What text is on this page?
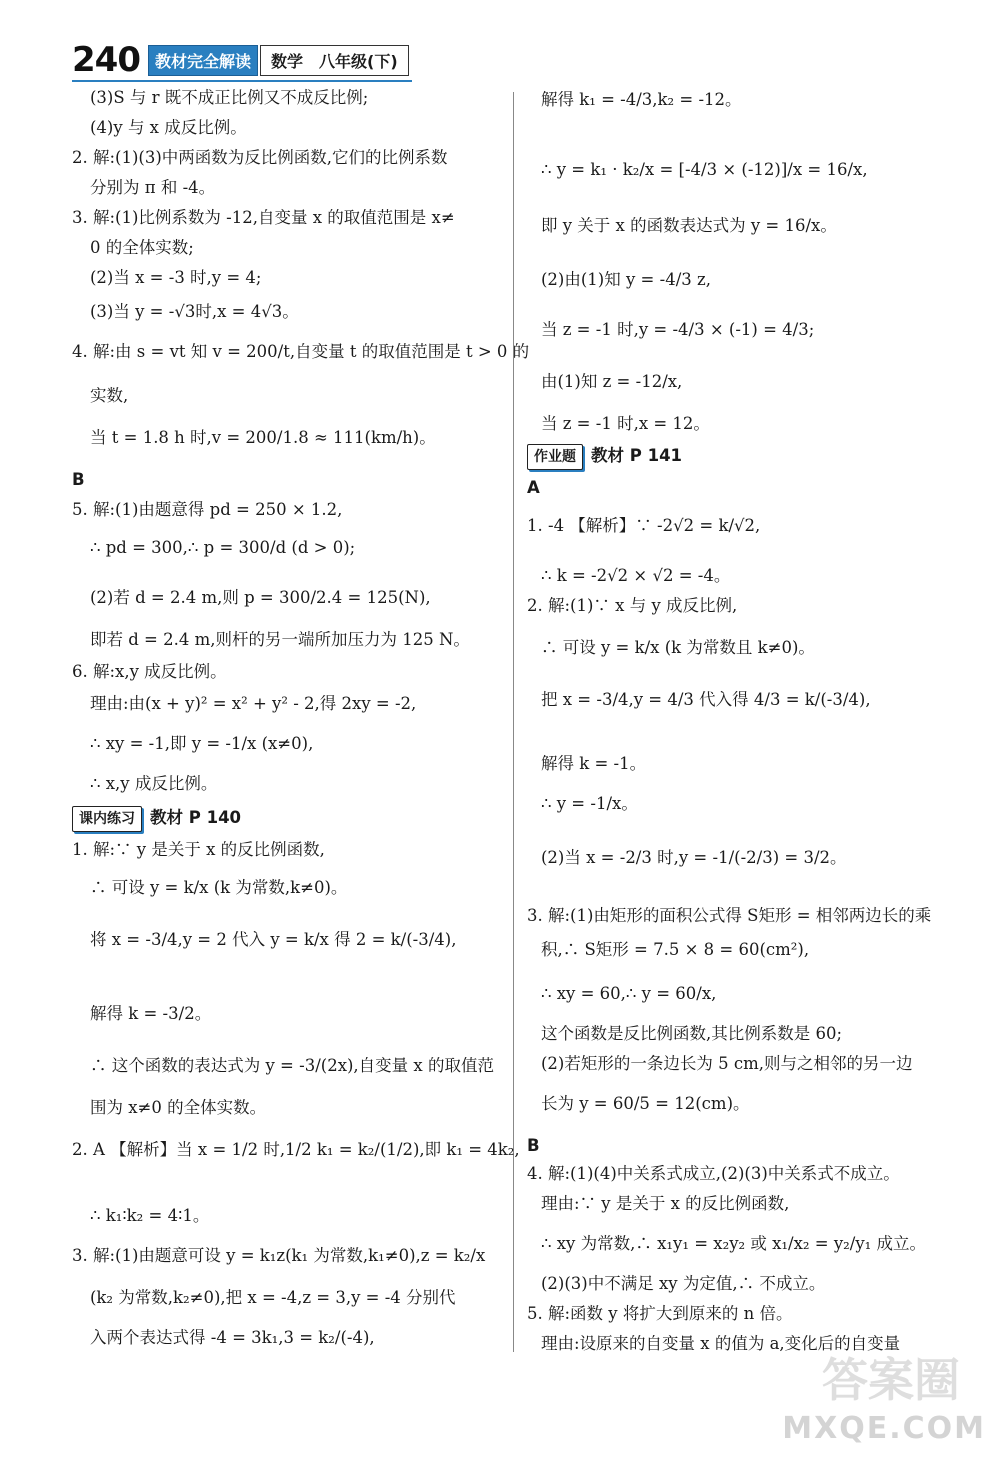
240 教材完全解读	数学　八年级(下)
(3)S 与 r 既不成正比例又不成反比例;
(4)y 与 x 成反比例。
2. 解:(1)(3)中两函数为反比例函数,它们的比例系数
分别为 π 和 -4。
3. 解:(1)比例系数为 -12,自变量 x 的取值范围是 x≠
0 的全体实数;
(2)当 x = -3 时,y = 4;
(3)当 y = -√3时,x = 4√3。
4. 解:由 s = vt 知 v = 200/t,自变量 t 的取值范围是 t > 0 的
实数,
当 t = 1.8 h 时,v = 200/1.8 ≈ 111(km/h)。
B
5. 解:(1)由题意得 pd = 250 × 1.2,
∴ pd = 300,∴ p = 300/d (d > 0);
(2)若 d = 2.4 m,则 p = 300/2.4 = 125(N),
即若 d = 2.4 m,则杆的另一端所加压力为 125 N。
6. 解:x,y 成反比例。
理由:由(x + y)² = x² + y² - 2,得 2xy = -2,
∴ xy = -1,即 y = -1/x (x≠0),
∴ x,y 成反比例。
课内练习 教材 P 140
1. 解:∵ y 是关于 x 的反比例函数,
∴ 可设 y = k/x (k 为常数,k≠0)。
将 x = -3/4,y = 2 代入 y = k/x 得 2 = k/(-3/4),
解得 k = -3/2。
∴ 这个函数的表达式为 y = -3/(2x),自变量 x 的取值范
围为 x≠0 的全体实数。
2. A 【解析】当 x = 1/2 时,1/2 k₁ = k₂/(1/2),即 k₁ = 4k₂,
∴ k₁∶k₂ = 4∶1。
3. 解:(1)由题意可设 y = k₁z(k₁ 为常数,k₁≠0),z = k₂/x
(k₂ 为常数,k₂≠0),把 x = -4,z = 3,y = -4 分别代
入两个表达式得 -4 = 3k₁,3 = k₂/(-4),
解得 k₁ = -4/3,k₂ = -12。
∴ y = k₁ · k₂/x = [-4/3 × (-12)]/x = 16/x,
即 y 关于 x 的函数表达式为 y = 16/x。
(2)由(1)知 y = -4/3 z,
当 z = -1 时,y = -4/3 × (-1) = 4/3;
由(1)知 z = -12/x,
当 z = -1 时,x = 12。
作业题 教材 P 141
A
1. -4 【解析】∵ -2√2 = k/√2,
∴ k = -2√2 × √2 = -4。
2. 解:(1)∵ x 与 y 成反比例,
∴ 可设 y = k/x (k 为常数且 k≠0)。
把 x = -3/4,y = 4/3 代入得 4/3 = k/(-3/4),
解得 k = -1。
∴ y = -1/x。
(2)当 x = -2/3 时,y = -1/(-2/3) = 3/2。
3. 解:(1)由矩形的面积公式得 S矩形 = 相邻两边长的乘
积,∴ S矩形 = 7.5 × 8 = 60(cm²),
∴ xy = 60,∴ y = 60/x,
这个函数是反比例函数,其比例系数是 60;
(2)若矩形的一条边长为 5 cm,则与之相邻的另一边
长为 y = 60/5 = 12(cm)。
B
4. 解:(1)(4)中关系式成立,(2)(3)中关系式不成立。
理由:∵ y 是关于 x 的反比例函数,
∴ xy 为常数,∴ x₁y₁ = x₂y₂ 或 x₁/x₂ = y₂/y₁ 成立。
(2)(3)中不满足 xy 为定值,∴ 不成立。
5. 解:函数 y 将扩大到原来的 n 倍。
理由:设原来的自变量 x 的值为 a,变化后的自变量
答案圈
MXQE.COM
